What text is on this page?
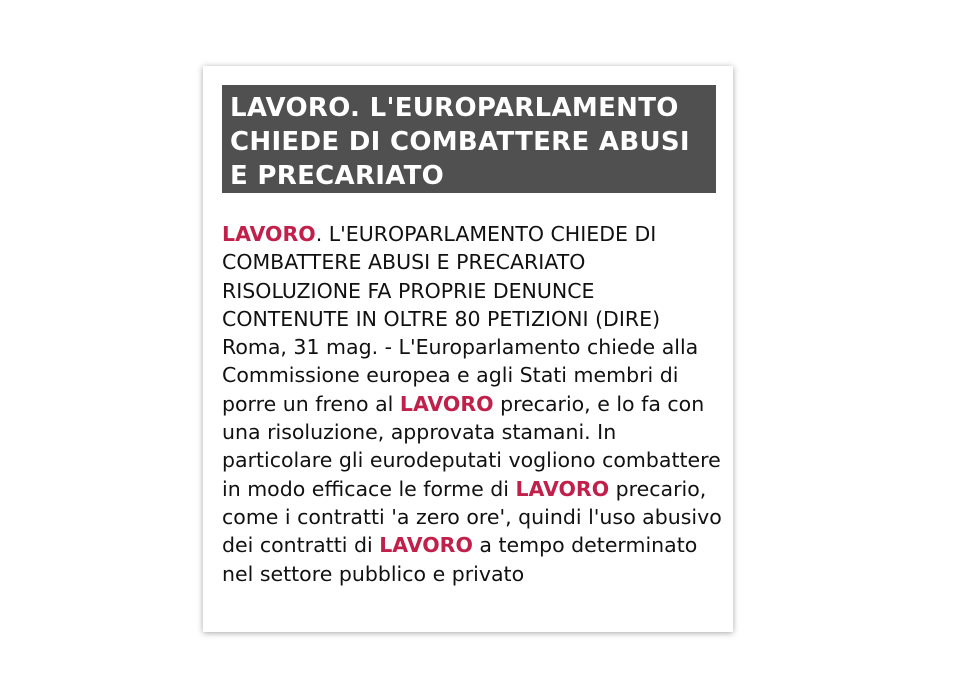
LAVORO. L'EUROPARLAMENTO CHIEDE DI COMBATTERE ABUSI E PRECARIATO
LAVORO. L'EUROPARLAMENTO CHIEDE DI COMBATTERE ABUSI E PRECARIATO RISOLUZIONE FA PROPRIE DENUNCE CONTENUTE IN OLTRE 80 PETIZIONI (DIRE) Roma, 31 mag. - L'Europarlamento chiede alla Commissione europea e agli Stati membri di porre un freno al LAVORO precario, e lo fa con una risoluzione, approvata stamani. In particolare gli eurodeputati vogliono combattere in modo efficace le forme di LAVORO precario, come i contratti 'a zero ore', quindi l'uso abusivo dei contratti di LAVORO a tempo determinato nel settore pubblico e privato
